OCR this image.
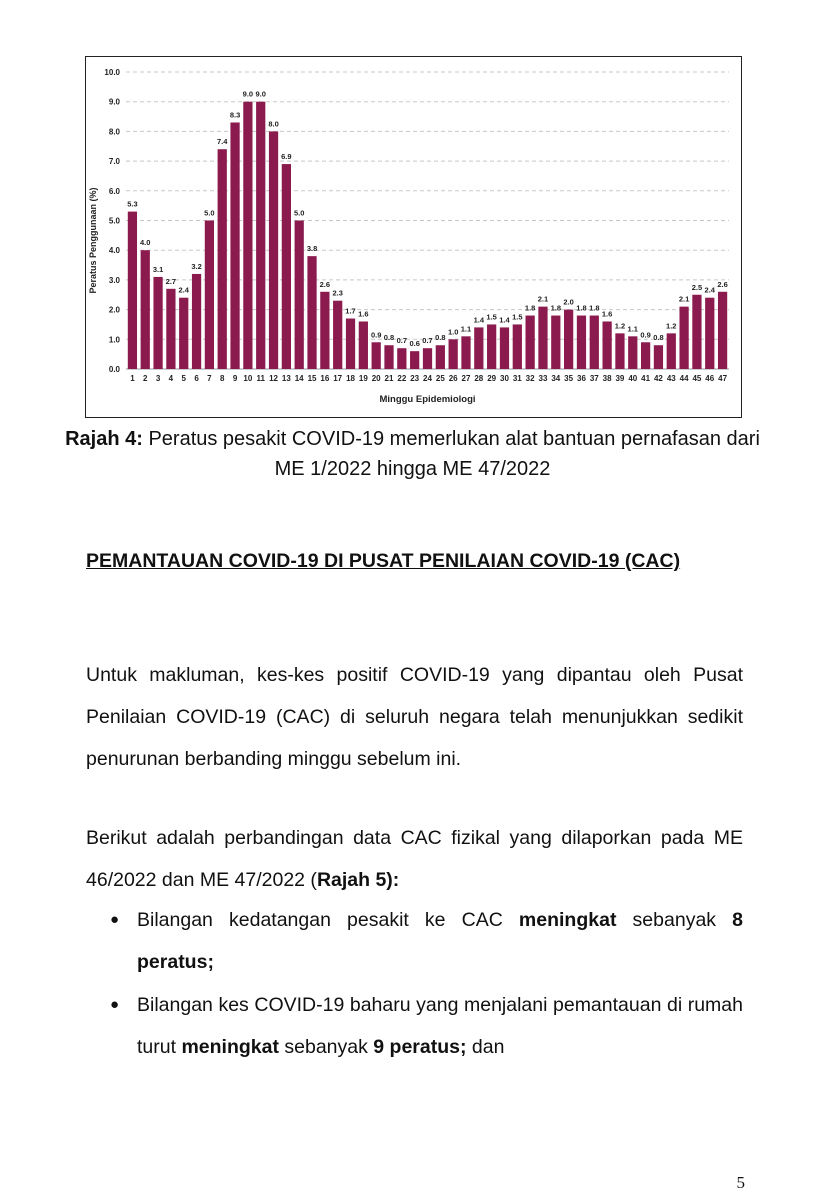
0.0
1.0
2.0
3.0
4.0
5.0
6.0
7.0
8.0
9.0
10.0
5.3
1
4.0
2
3.1
3
2.7
4
2.4
5
3.2
6
5.0
7
7.4
8
8.3
9
9.0
10
9.0
11
8.0
12
6.9
13
5.0
14
3.8
15
2.6
16
2.3
17
1.7
18
1.6
19
0.9
20
0.8
21
0.7
22
0.6
23
0.7
24
0.8
25
1.0
26
1.1
27
1.4
28
1.5
29
1.4
30
1.5
31
1.8
32
2.1
33
1.8
34
2.0
35
1.8
36
1.8
37
1.6
38
1.2
39
1.1
40
0.9
41
0.8
42
1.2
43
2.1
44
2.5
45
2.4
46
2.6
47
Minggu Epidemiologi
Peratus Penggunaan (%)
Rajah 4: Peratus pesakit COVID-19 memerlukan alat bantuan pernafasan dari ME 1/2022 hingga ME 47/2022
PEMANTAUAN COVID-19 DI PUSAT PENILAIAN COVID-19 (CAC)
Untuk makluman, kes-kes positif COVID-19 yang dipantau oleh Pusat Penilaian COVID-19 (CAC) di seluruh negara telah menunjukkan sedikit penurunan berbanding minggu sebelum ini.
Berikut adalah perbandingan data CAC fizikal yang dilaporkan pada ME 46/2022 dan ME 47/2022 (Rajah 5):
● Bilangan kedatangan pesakit ke CAC meningkat sebanyak 8 peratus;
● Bilangan kes COVID-19 baharu yang menjalani pemantauan di rumah turut meningkat sebanyak 9 peratus; dan
5
